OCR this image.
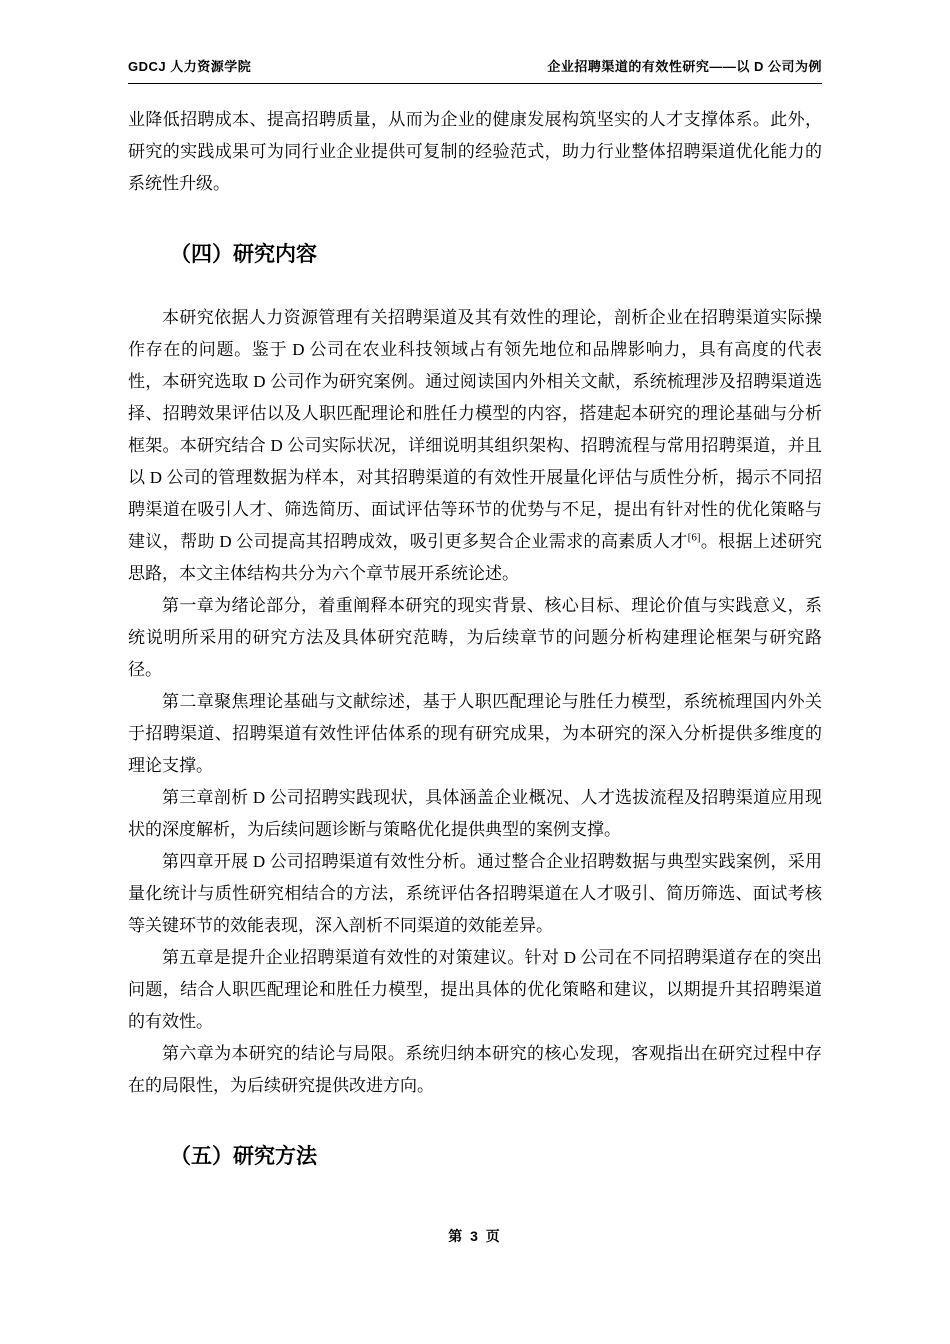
GDCJ 人力资源学院	企业招聘渠道的有效性研究——以 D 公司为例

业降低招聘成本、提高招聘质量，从而为企业的健康发展构筑坚实的人才支撑体系。此外，研究的实践成果可为同行业企业提供可复制的经验范式，助力行业整体招聘渠道优化能力的系统性升级。

（四）研究内容

本研究依据人力资源管理有关招聘渠道及其有效性的理论，剖析企业在招聘渠道实际操作存在的问题。鉴于 D 公司在农业科技领域占有领先地位和品牌影响力，具有高度的代表性，本研究选取 D 公司作为研究案例。通过阅读国内外相关文献，系统梳理涉及招聘渠道选择、招聘效果评估以及人职匹配理论和胜任力模型的内容，搭建起本研究的理论基础与分析框架。本研究结合 D 公司实际状况，详细说明其组织架构、招聘流程与常用招聘渠道，并且以 D 公司的管理数据为样本，对其招聘渠道的有效性开展量化评估与质性分析，揭示不同招聘渠道在吸引人才、筛选简历、面试评估等环节的优势与不足，提出有针对性的优化策略与建议，帮助 D 公司提高其招聘成效，吸引更多契合企业需求的高素质人才[6]。根据上述研究思路，本文主体结构共分为六个章节展开系统论述。

第一章为绪论部分，着重阐释本研究的现实背景、核心目标、理论价值与实践意义，系统说明所采用的研究方法及具体研究范畴，为后续章节的问题分析构建理论框架与研究路径。

第二章聚焦理论基础与文献综述，基于人职匹配理论与胜任力模型，系统梳理国内外关于招聘渠道、招聘渠道有效性评估体系的现有研究成果，为本研究的深入分析提供多维度的理论支撑。

第三章剖析 D 公司招聘实践现状，具体涵盖企业概况、人才选拔流程及招聘渠道应用现状的深度解析，为后续问题诊断与策略优化提供典型的案例支撑。

第四章开展 D 公司招聘渠道有效性分析。通过整合企业招聘数据与典型实践案例，采用量化统计与质性研究相结合的方法，系统评估各招聘渠道在人才吸引、简历筛选、面试考核等关键环节的效能表现，深入剖析不同渠道的效能差异。

第五章是提升企业招聘渠道有效性的对策建议。针对 D 公司在不同招聘渠道存在的突出问题，结合人职匹配理论和胜任力模型，提出具体的优化策略和建议，以期提升其招聘渠道的有效性。

第六章为本研究的结论与局限。系统归纳本研究的核心发现，客观指出在研究过程中存在的局限性，为后续研究提供改进方向。

（五）研究方法
第 3 页
